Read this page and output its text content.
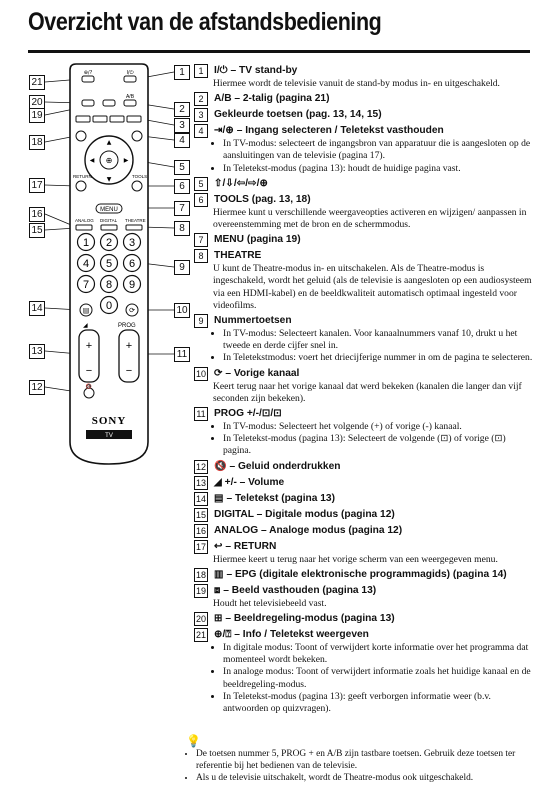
Overzicht van de afstandsbediening
⊕/?	I/⏻
A/B
⊕
▲
▼
◀	▶
RETURN	TOOLS
MENU
ANALOG DIGITAL THEATRE
1 2 3
4 5 6
7 8 9
0
▤	⟳
+
−
◢
+
−
PROG
🔇
SONY
TV
21
20
19
18
17
16
15
14
13
12
1
2
3
4
5
6
7
8
9
10
11
1	I/⏻ – TV stand-by
Hiermee wordt de televisie vanuit de stand-by modus in- en uitgeschakeld.
2	A/B – 2-talig (pagina 21)
3	Gekleurde toetsen (pag. 13, 14, 15)
4	⇥/⊕ – Ingang selecteren / Teletekst vasthouden
• In TV-modus: selecteert de ingangsbron van apparatuur die is aangesloten op de aansluitingen van de televisie (pagina 17).
• In Teletekst-modus (pagina 13): houdt de huidige pagina vast.
5	⇧/⇩/⇦/⇨/⊕
6	TOOLS (pag. 13, 18)
Hiermee kunt u verschillende weergaveopties activeren en wijzigen/ aanpassen in overeenstemming met de bron en de schermmodus.
7	MENU (pagina 19)
8	THEATRE
U kunt de Theatre-modus in- en uitschakelen. Als de Theatre-modus is ingeschakeld, wordt het geluid (als de televisie is aangesloten op een audiosysteem via een HDMI-kabel) en de beeldkwaliteit automatisch optimaal ingesteld voor videofilms.
9	Nummertoetsen
• In TV-modus: Selecteert kanalen. Voor kanaalnummers vanaf 10, drukt u het tweede en derde cijfer snel in.
• In Teletekstmodus: voert het driecijferige nummer in om de pagina te selecteren.
10 ⟳ – Vorige kanaal
Keert terug naar het vorige kanaal dat werd bekeken (kanalen die langer dan vijf seconden zijn bekeken).
11 PROG +/-/⊡/⊡
• In TV-modus: Selecteert het volgende (+) of vorige (-) kanaal.
• In Teletekst-modus (pagina 13): Selecteert de volgende (⊡) of vorige (⊡) pagina.
12 🔇 – Geluid onderdrukken
13 ◢ +/- – Volume
14 ▤ – Teletekst (pagina 13)
15 DIGITAL – Digitale modus (pagina 12)
16 ANALOG – Analoge modus (pagina 12)
17 ↩ – RETURN
Hiermee keert u terug naar het vorige scherm van een weergegeven menu.
18 ▥ – EPG (digitale elektronische programmagids) (pagina 14)
19 ⧈ – Beeld vasthouden (pagina 13)
Houdt het televisiebeeld vast.
20 ⊞ – Beeldregeling-modus (pagina 13)
21 ⊕/⍰ – Info / Teletekst weergeven
• In digitale modus: Toont of verwijdert korte informatie over het programma dat momenteel wordt bekeken.
• In analoge modus: Toont of verwijdert informatie zoals het huidige kanaal en de beeldregeling-modus.
• In Teletekst-modus (pagina 13): geeft verborgen informatie weer (b.v. antwoorden op quizvragen).
💡
• De toetsen nummer 5, PROG + en A/B zijn tastbare toetsen. Gebruik deze toetsen ter referentie bij het bedienen van de televisie.
• Als u de televisie uitschakelt, wordt de Theatre-modus ook uitgeschakeld.
